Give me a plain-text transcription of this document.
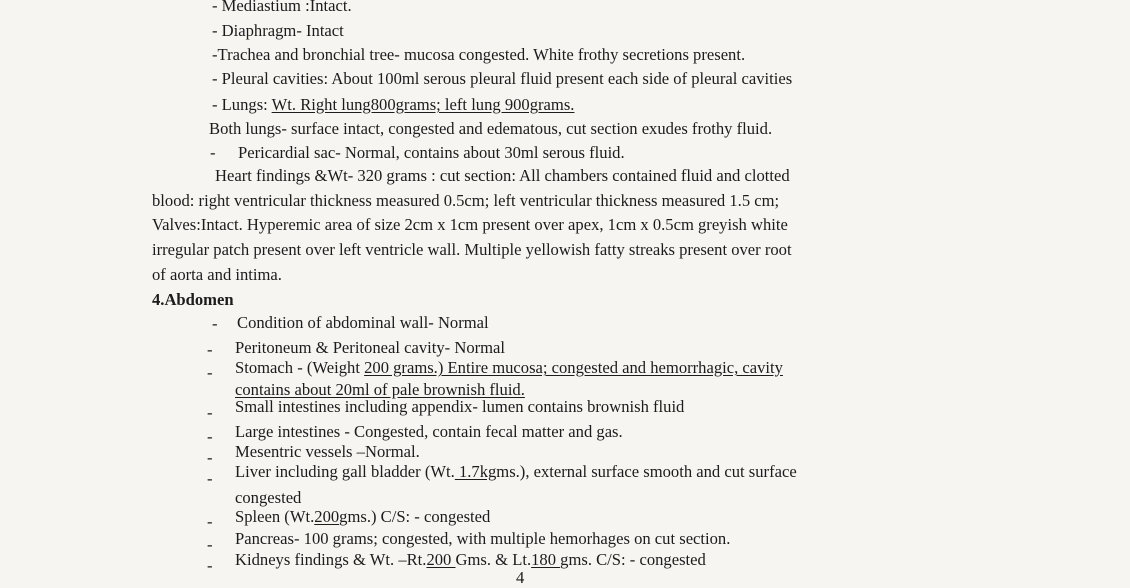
- Mediastium :Intact.
- Diaphragm- Intact
-Trachea and bronchial tree- mucosa congested. White frothy secretions present.
- Pleural cavities: About 100ml serous pleural fluid present each side of pleural cavities
- Lungs: Wt. Right lung800grams; left lung 900grams.
Both lungs- surface intact, congested and edematous, cut section exudes frothy fluid.
- Pericardial sac- Normal, contains about 30ml serous fluid.
Heart findings &Wt- 320 grams : cut section: All chambers contained fluid and clotted
blood: right ventricular thickness measured 0.5cm; left ventricular thickness measured 1.5 cm;
Valves:Intact. Hyperemic area of size 2cm x 1cm present over apex, 1cm x 0.5cm greyish white
irregular patch present over left ventricle wall. Multiple yellowish fatty streaks present over root
of aorta and intima.
4.Abdomen
- Condition of abdominal wall- Normal
- Peritoneum & Peritoneal cavity- Normal
- Stomach - (Weight 200 grams.) Entire mucosa; congested and hemorrhagic, cavity
contains about 20ml of pale brownish fluid.
- Small intestines including appendix- lumen contains brownish fluid
- Large intestines - Congested, contain fecal matter and gas.
- Mesentric vessels –Normal.
- Liver including gall bladder (Wt. 1.7kgms.), external surface smooth and cut surface
congested
- Spleen (Wt.200gms.) C/S: - congested
- Pancreas- 100 grams; congested, with multiple hemorhages on cut section.
- Kidneys findings & Wt. –Rt.200 Gms. & Lt.180 gms. C/S: - congested
4
